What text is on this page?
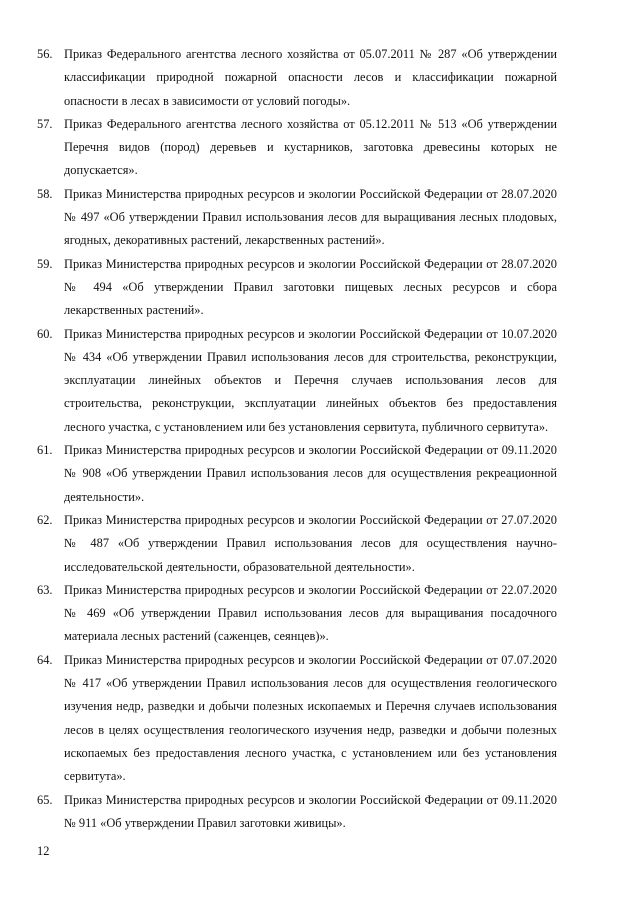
56. Приказ Федерального агентства лесного хозяйства от 05.07.2011 № 287 «Об утверждении классификации природной пожарной опасности лесов и классификации пожарной опасности в лесах в зависимости от условий погоды».
57. Приказ Федерального агентства лесного хозяйства от 05.12.2011 № 513 «Об утверждении Перечня видов (пород) деревьев и кустарников, заготовка древесины которых не допускается».
58. Приказ Министерства природных ресурсов и экологии Российской Федерации от 28.07.2020 № 497 «Об утверждении Правил использования лесов для выращивания лесных плодовых, ягодных, декоративных растений, лекарственных растений».
59. Приказ Министерства природных ресурсов и экологии Российской Федерации от 28.07.2020 № 494 «Об утверждении Правил заготовки пищевых лесных ресурсов и сбора лекарственных растений».
60. Приказ Министерства природных ресурсов и экологии Российской Федерации от 10.07.2020 № 434 «Об утверждении Правил использования лесов для строительства, реконструкции, эксплуатации линейных объектов и Перечня случаев использования лесов для строительства, реконструкции, эксплуатации линейных объектов без предоставления лесного участка, с установлением или без установления сервитута, публичного сервитута».
61. Приказ Министерства природных ресурсов и экологии Российской Федерации от 09.11.2020 № 908 «Об утверждении Правил использования лесов для осуществления рекреационной деятельности».
62. Приказ Министерства природных ресурсов и экологии Российской Федерации от 27.07.2020 № 487 «Об утверждении Правил использования лесов для осуществления научно-исследовательской деятельности, образовательной деятельности».
63. Приказ Министерства природных ресурсов и экологии Российской Федерации от 22.07.2020 № 469 «Об утверждении Правил использования лесов для выращивания посадочного материала лесных растений (саженцев, сеянцев)».
64. Приказ Министерства природных ресурсов и экологии Российской Федерации от 07.07.2020 № 417 «Об утверждении Правил использования лесов для осуществления геологического изучения недр, разведки и добычи полезных ископаемых и Перечня случаев использования лесов в целях осуществления геологического изучения недр, разведки и добычи полезных ископаемых без предоставления лесного участка, с установлением или без установления сервитута».
65. Приказ Министерства природных ресурсов и экологии Российской Федерации от 09.11.2020 № 911 «Об утверждении Правил заготовки живицы».
12
